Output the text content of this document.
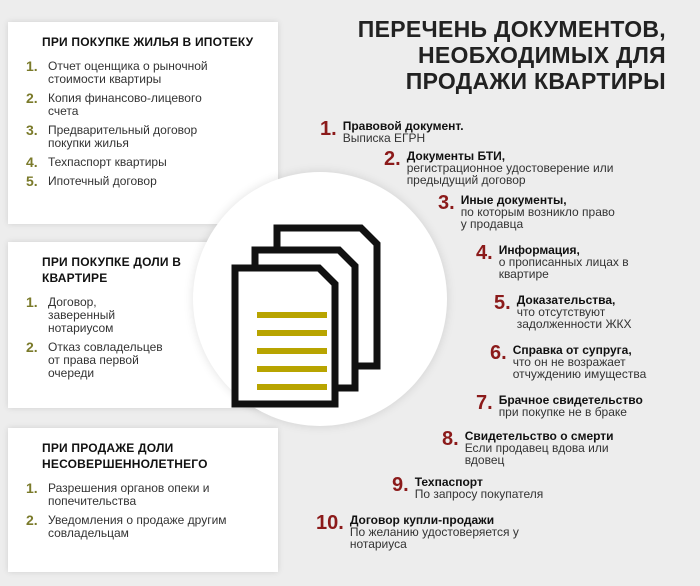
ПРИ ПОКУПКЕ ЖИЛЬЯ В ИПОТЕКУ
1. Отчет оценщика о рыночной стоимости квартиры
2. Копия финансово-лицевого счета
3. Предварительный договор покупки жилья
4. Техпаспорт квартиры
5. Ипотечный договор
ПРИ ПОКУПКЕ ДОЛИ В КВАРТИРЕ
1. Договор, заверенный нотариусом
2. Отказ совладельцев от права первой очереди
ПРИ ПРОДАЖЕ ДОЛИ НЕСОВЕРШЕННОЛЕТНЕГО
1. Разрешения органов опеки и попечительства
2. Уведомления о продаже другим совладельцам
ПЕРЕЧЕНЬ ДОКУМЕНТОВ,
НЕОБХОДИМЫХ ДЛЯ
ПРОДАЖИ КВАРТИРЫ
1. Правовой документ.
Выписка ЕГРН
2. Документы БТИ,
регистрационное удостоверение или предыдущий договор
3. Иные документы,
по которым возникло право у продавца
4. Информация,
о прописанных лицах в квартире
5. Доказательства,
что отсутствуют задолженности ЖКХ
6. Справка от супруга,
что он не возражает отчуждению имущества
7. Брачное свидетельство
при покупке не в браке
8. Свидетельство о смерти
Если продавец вдова или вдовец
9. Техпаспорт
По запросу покупателя
10. Договор купли-продажи
По желанию удостоверяется у нотариуса
